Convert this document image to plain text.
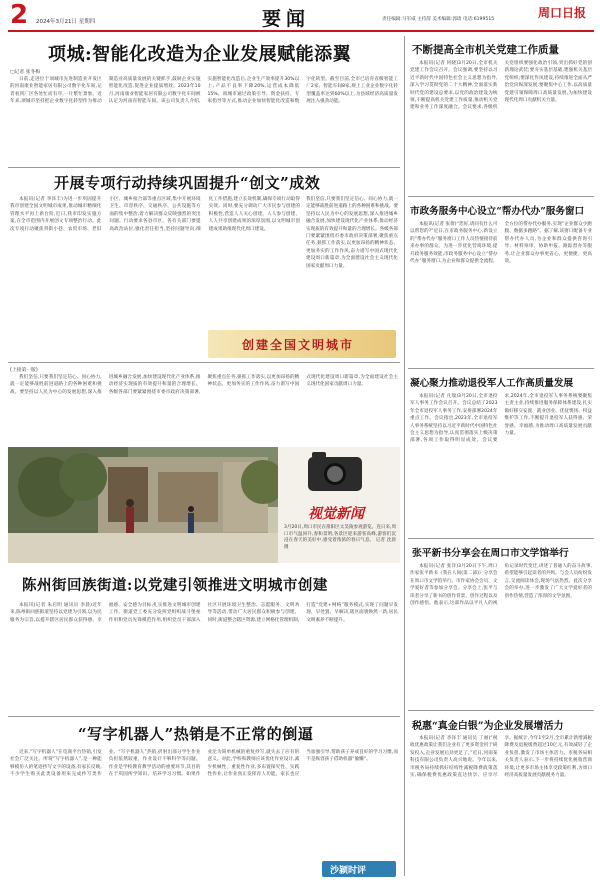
2 2024年3月21日 星期四	要闻	责任编辑:马军威 主持辞 美术编辑:郭琦 电话:6199515	周口日报
项城:智能化改造为企业发展赋能添翼
□记者 张冬梅
日前,走进位于项城市先进制造业开发区的河南康业智能家居有限公司数字化车间,记者看到厂区各处忙而有序,一片繁忙景象。近年来,项城市坚持把企业数字化转型作为推动制造业高质量发展的关键抓手,鼓励企业实施智能化改造,促进企业提质增效。2023年10月,河南康业智能家居有限公司数字化车间被认定为河南省智能车间。该公司负责人介绍,实施智能化改造后,企业生产效率提升30%以上,产品不良率下降20%,运营成本降低15%。项城市通过政策引导、资金扶持、专家指导等方式,推动企业加快智能化改造和数字化转型。截至目前,全市已培育省级智能工厂2家、智能车间8家,规上工业企业数字化转型覆盖率达到60%以上,为县域经济高质量发展注入强劲动能。
开展专项行动持续巩固提升“创文”成效
本报讯(记者 李泽丰)为进一步巩固提升我市创建全国文明城市成果,推动城市精细化管理水平再上新台阶,近日,我市印发实施方案,在全市范围内开展创文专项整治行动。此次专项行动聚焦背街小巷、农贸市场、老旧小区、城乡接合部等重点区域,集中开展环境卫生、市容秩序、交通秩序、公共设施等方面的集中整治,着力解决群众反映强烈的突出问题。行动要求各县市区、各有关部门要提高政治站位,强化责任担当,坚持问题导向,细化工作措施,建立长效机制,确保专项行动取得实效。同时,要充分调动广大市民参与创建的积极性,营造人人关心创建、人人参与创建、人人共享创建成果的浓厚氛围,以文明城市创建成果助推现代化周口建设。
我们坚信,只要我们坚定信心、同心协力,就一定能够战胜前进道路上的各种困难和挑战。要坚持以人民为中心的发展思想,深入推进城乡融合发展,加快建设现代化产业体系,推动经济实现质的有效提升和量的合理增长。各级各部门要紧紧围绕市委市政府决策部署,聚焦重点任务,狠抓工作落实,以更加昂扬的精神状态、更加务实的工作作风,奋力谱写中国式现代化建设周口新篇章,为全面建设社会主义现代化国家贡献周口力量。
创建全国文明城市
(上接第一版)
我们坚信,只要我们坚定信心、同心协力,就一定能够战胜前进道路上的各种困难和挑战。要坚持以人民为中心的发展思想,深入推进城乡融合发展,加快建设现代化产业体系,推动经济实现质的有效提升和量的合理增长。各级各部门要紧紧围绕市委市政府决策部署,聚焦重点任务,狠抓工作落实,以更加昂扬的精神状态、更加务实的工作作风,奋力谱写中国式现代化建设周口新篇章,为全面建设社会主义现代化国家贡献周口力量。
视觉新闻
3月20日,周口市民在淮阳区太昊陵参观游览。连日来,周口市气温回升,春和景明,各景区迎来游客高峰,游客们沉浸在春天的美好中,感受着浓浓的春日气息。 记者 沈晨 摄
陈州街回族街道:以党建引领推进文明城市创建
本报讯(记者 朱启明 通讯员 李晨)近年来,陈州街回族街道坚持以党建为引领,以为民服务为宗旨,以提升辖区居民群众获得感、幸福感、安全感为目标,扎实推进文明城市创建工作。街道党工委充分发挥党组织战斗堡垒作用和党员先锋模范作用,组织党员干部深入社区开展环境卫生整治、志愿服务、文明劝导等活动,带动广大居民群众积极参与创建。同时,街道整合辖区资源,建立网格化管理机制,打造“党建+网格”服务模式,实现了问题早发现、早处置、早解决,辖区面貌焕然一新,居民文明素养不断提升。
“写字机器人”热销是不正常的倒逼
近来,“写字机器人”在电商平台热销,引发社会广泛关注。所谓“写字机器人”,是一种能够模仿人的笔迹抄写文字的设备,有家长反映,不少学生购买此类设备用来完成抄写类作业。“写字机器人”热销,折射出部分学生作业负担依然较重、作业设计不够科学等问题。作业是学校教育教学活动的重要环节,其目的在于巩固所学知识、培养学习习惯。如果作业沦为简单机械的重复抄写,就失去了应有的意义。对此,学校和教师应该优化作业设计,减少机械性、重复性作业,多布置探究性、实践性作业,让作业真正发挥育人功能。家长也应当加强引导,帮助孩子养成良好的学习习惯,而不是纵容孩子借助机器“偷懒”。
沙颍时评
不断提高全市机关党建工作质量
本报讯(记者 何晓)3月20日,全市机关党建工作会议召开。会议强调,要坚持以习近平新时代中国特色社会主义思想为指导,深入学习贯彻党的二十大精神,全面落实新时代党的建设总要求,以党的政治建设为统领,不断提高机关党建工作质量,推动机关党建和业务工作深度融合。会议要求,各级机关党组织要强化政治引领,突出抓好党的创新理论武装;要夯实基层基础,建强机关基层党组织;要深化作风建设,持续推进全面从严治党向纵深发展;要聚焦中心工作,以高质量党建引领保障周口高质量发展,为加快建设现代化周口贡献机关力量。
市政务服务中心设立“帮办代办”服务窗口
本报讯(记者 张倩)“您好,请问有什么可以帮您的?”近日,在市政务服务中心,新设立的“帮办代办”服务窗口工作人员热情接待前来办事的群众。为进一步优化营商环境,提升政务服务效能,市政务服务中心设立“帮办代办”服务窗口,为企业和群众提供全流程、全方位的帮办代办服务,实现“企业群众少跑腿、数据多跑路”。据了解,该窗口配备专业帮办代办人员,为企业和群众提供咨询引导、材料预审、协助申报、跟踪督办等服务,让企业群众办事更省心、更便捷、更高效。
凝心聚力推动退役军人工作高质量发展
本报讯(记者 凡瑞)3月20日,全市退役军人事务工作会议召开。会议总结了2023年全市退役军人事务工作,安排部署2024年重点工作。会议指出,2023年,全市退役军人事务系统坚持以习近平新时代中国特色社会主义思想为指导,认真贯彻落实上级决策部署,各项工作取得明显成效。会议要求,2024年,全市退役军人事务系统要聚焦主责主业,持续推进服务保障体系建设,扎实做好移交安置、就业创业、优抚褒扬、权益维护等工作,不断提升退役军人获得感、荣誉感、幸福感,为推动周口高质量发展贡献力量。
张平新书分享会在周口市文学馆举行
本报讯(记者 张洋)3月20日下午,周口作家张平新书《我在人间(第二部)》分享会在周口市文学馆举行。市作家协会会员、文学爱好者等参加分享会。分享会上,张平与读者分享了新书的创作背景、创作过程以及创作感悟。他表示,这部作品以平凡人的视角记录时代变迁,讲述了普通人的奋斗故事,希望能够引起读者的共鸣。与会人员纷纷发言,交流阅读体会,现场气氛热烈。此次分享会的举办,进一步激发了广大文学爱好者的创作热情,营造了浓厚的文学氛围。
税惠“真金白银”为企业发展增活力
本报讯(记者 李泽丰 通讯员 丁丽)“税收优惠政策让我们企业有了更多资金用于研发投入,企业发展后劲更足了。”近日,河南某科技有限公司负责人高兴地说。今年以来,市税务局持续抓好结构性减税降费政策落实,确保税费优惠政策直达快享、应享尽享。据统计,今年1至2月,全市累计新增减税降费及退税缓费超过10亿元,有效减轻了企业负担,激发了市场主体活力。市税务局相关负责人表示,下一步将持续优化税收营商环境,让更多市场主体享受政策红利,为周口经济高质量发展贡献税务力量。
